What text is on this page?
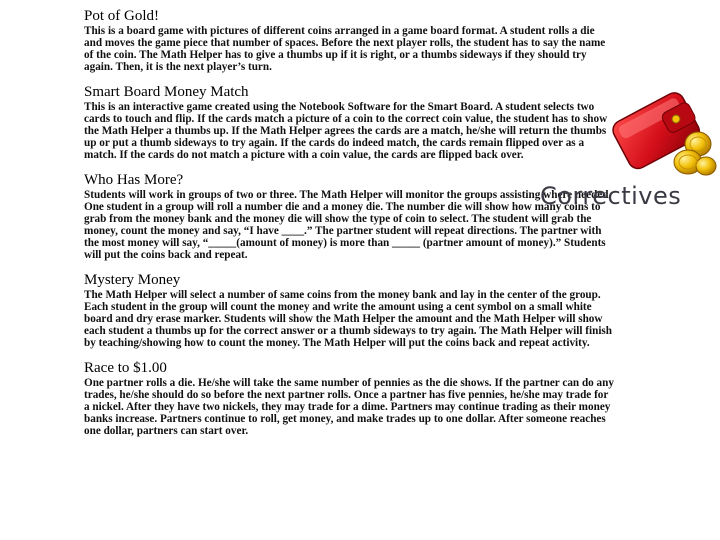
Pot of Gold!

This is a board game with pictures of different coins arranged in a game board format. A student rolls a die and moves the game piece that number of spaces. Before the next player rolls, the student has to say the name of the coin. The Math Helper has to give a thumbs up if it is right, or a thumbs sideways if they should try again. Then, it is the next player’s turn.

Smart Board Money Match

This is an interactive game created using the Notebook Software for the Smart Board. A student selects two cards to touch and flip. If the cards match a picture of a coin to the correct coin value, the student has to show the Math Helper a thumbs up. If the Math Helper agrees the cards are a match, he/she will return the thumbs up or put a thumb sideways to try again. If the cards do indeed match, the cards remain flipped over as a match. If the cards do not match a picture with a coin value, the cards are flipped back over.

Who Has More?

Students will work in groups of two or three. The Math Helper will monitor the groups assisting where needed. One student in a group will roll a number die and a money die. The number die will show how many coins to grab from the money bank and the money die will show the type of coin to select. The student will grab the money, count the money and say, “I have ____.” The partner student will repeat directions. The partner with the most money will say, “_____(amount of money) is more than _____ (partner amount of money).” Students will put the coins back and repeat.

Mystery Money

The Math Helper will select a number of same coins from the money bank and lay in the center of the group. Each student in the group will count the money and write the amount using a cent symbol on a small white board and dry erase marker. Students will show the Math Helper the amount and the Math Helper will show each student a thumbs up for the correct answer or a thumb sideways to try again. The Math Helper will finish by teaching/showing how to count the money. The Math Helper will put the coins back and repeat activity.

Race to $1.00

One partner rolls a die. He/she will take the same number of pennies as the die shows. If the partner can do any trades, he/she should do so before the next partner rolls. Once a partner has five pennies, he/she may trade for a nickel. After they have two nickels, they may trade for a dime. Partners may continue trading as their money banks increase. Partners continue to roll, get money, and make trades up to one dollar. After someone reaches one dollar, partners can start over.

Correctives
